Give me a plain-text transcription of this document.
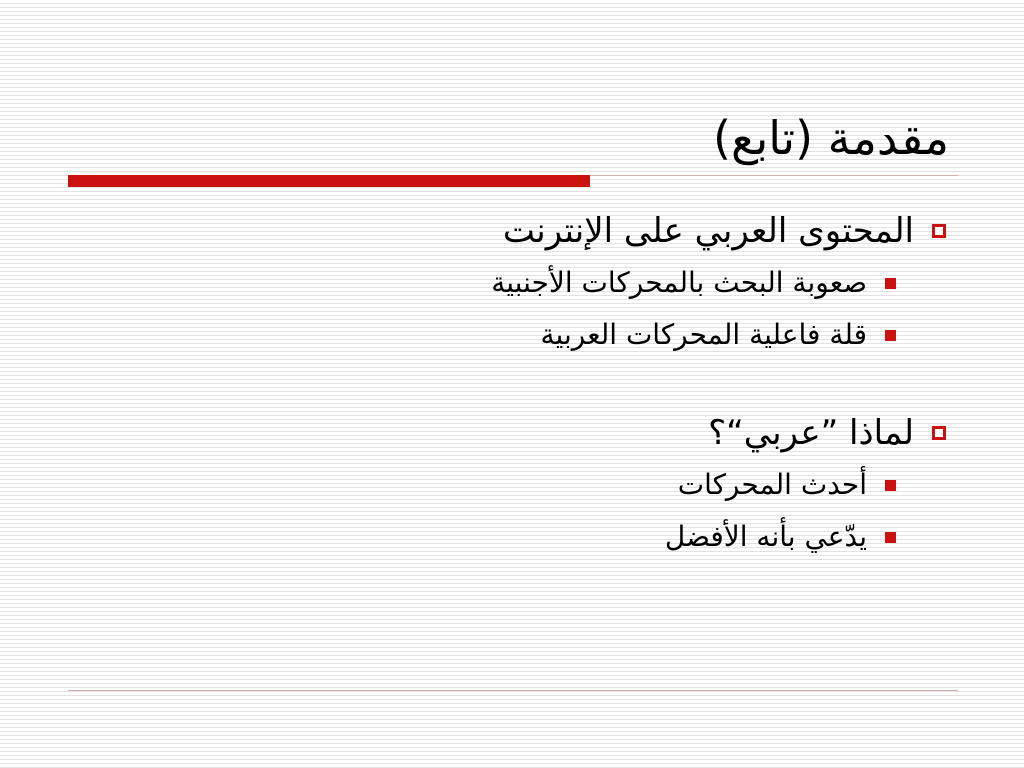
مقدمة (تابع)
المحتوى العربي على الإنترنت
صعوبة البحث بالمحركات الأجنبية
قلة فاعلية المحركات العربية
لماذا ”عربي“؟
أحدث المحركات
يدّعي بأنه الأفضل
